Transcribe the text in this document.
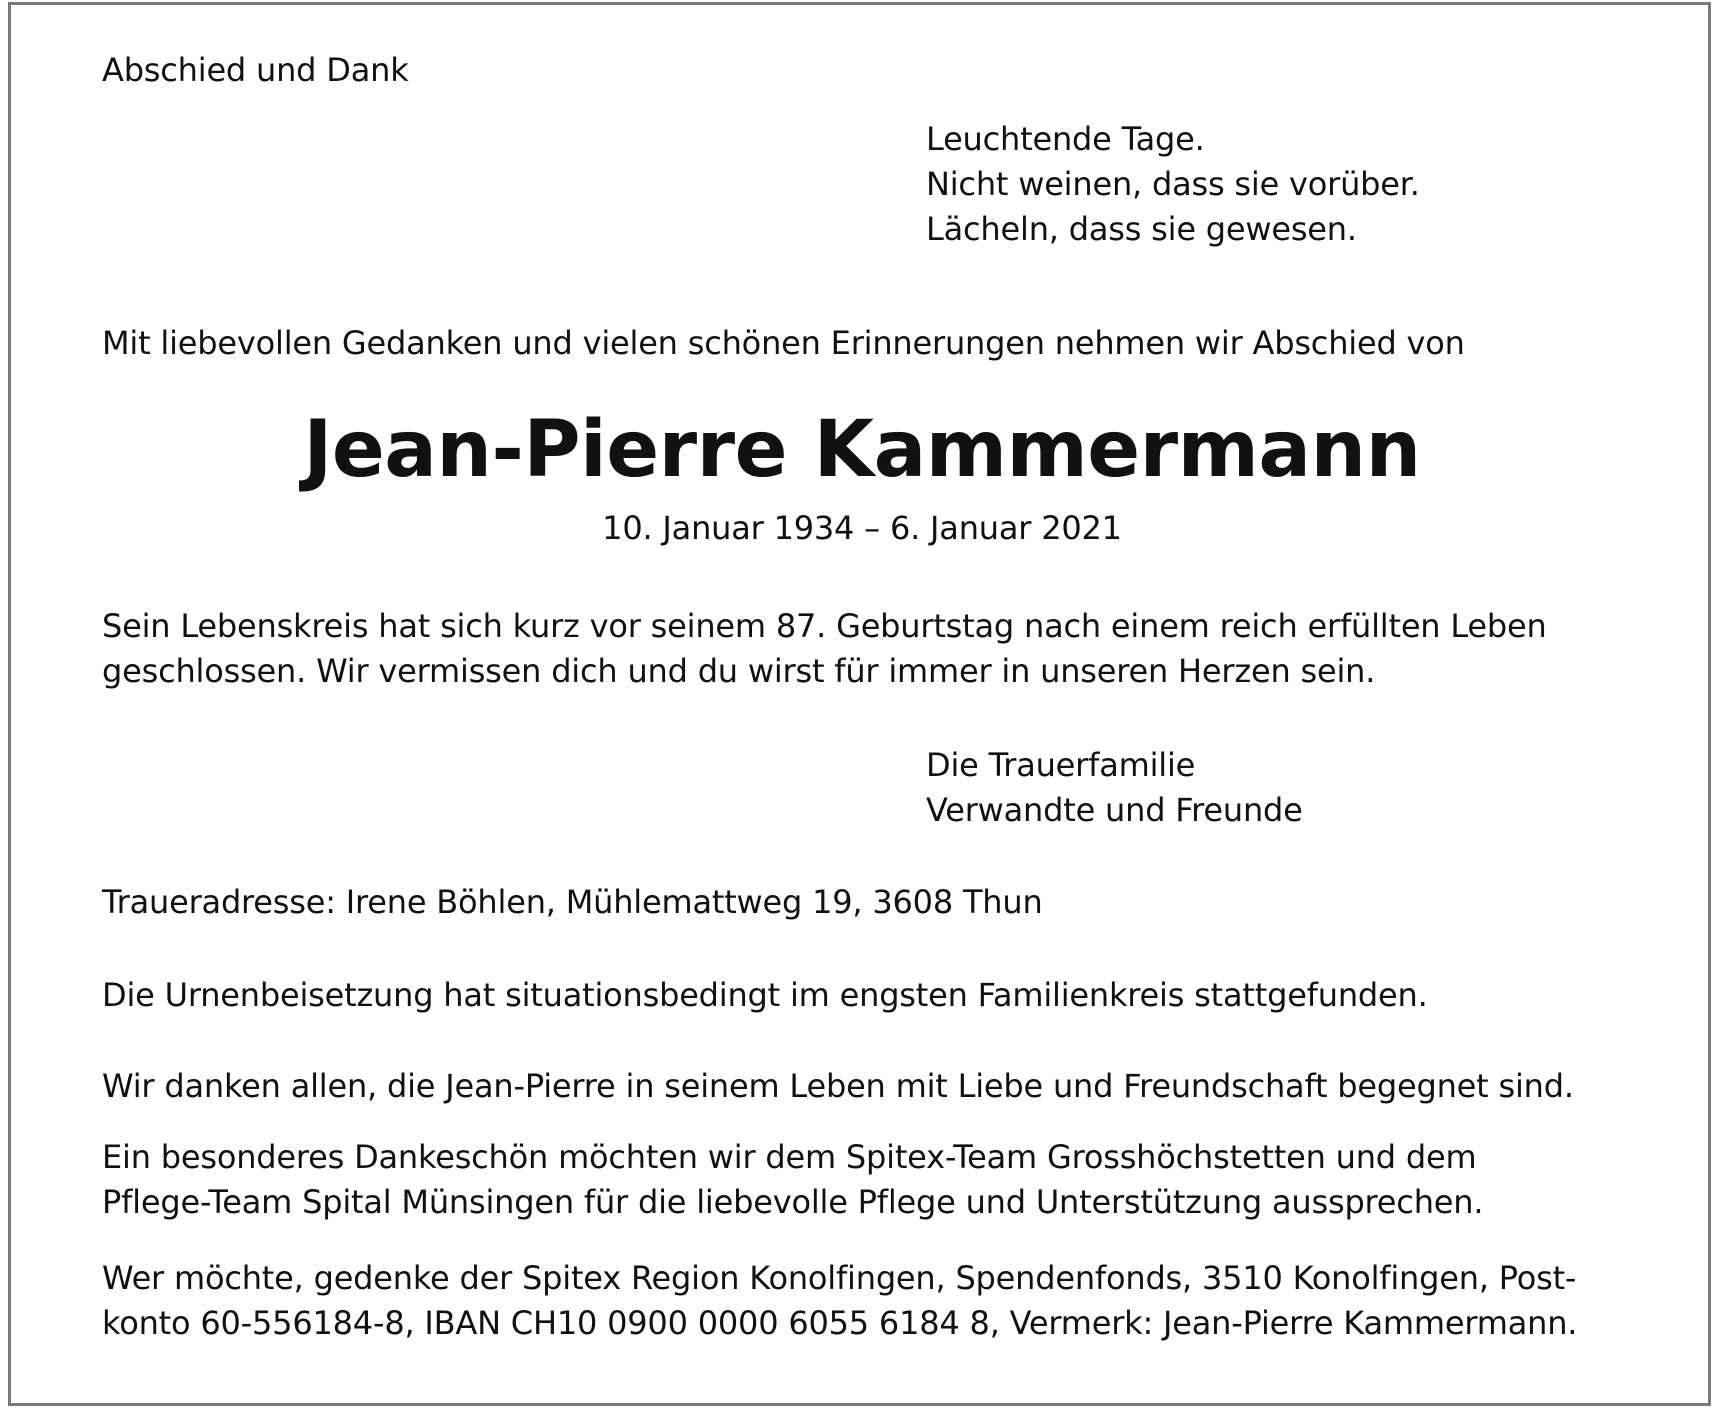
Abschied und Dank

Leuchtende Tage.
Nicht weinen, dass sie vorüber.
Lächeln, dass sie gewesen.

Mit liebevollen Gedanken und vielen schönen Erinnerungen nehmen wir Abschied von

Jean-Pierre Kammermann

10. Januar 1934 – 6. Januar 2021

Sein Lebenskreis hat sich kurz vor seinem 87. Geburtstag nach einem reich erfüllten Leben
geschlossen. Wir vermissen dich und du wirst für immer in unseren Herzen sein.
Die Trauerfamilie
Verwandte und Freunde

Traueradresse: Irene Böhlen, Mühlemattweg 19, 3608 Thun

Die Urnenbeisetzung hat situationsbedingt im engsten Familienkreis stattgefunden.

Wir danken allen, die Jean-Pierre in seinem Leben mit Liebe und Freundschaft begegnet sind.

Ein besonderes Dankeschön möchten wir dem Spitex-Team Grosshöchstetten und dem
Pflege-Team Spital Münsingen für die liebevolle Pflege und Unterstützung aussprechen.
Wer möchte, gedenke der Spitex Region Konolfingen, Spendenfonds, 3510 Konolfingen, Post-
konto 60-556184-8, IBAN CH10 0900 0000 6055 6184 8, Vermerk: Jean-Pierre Kammermann.
